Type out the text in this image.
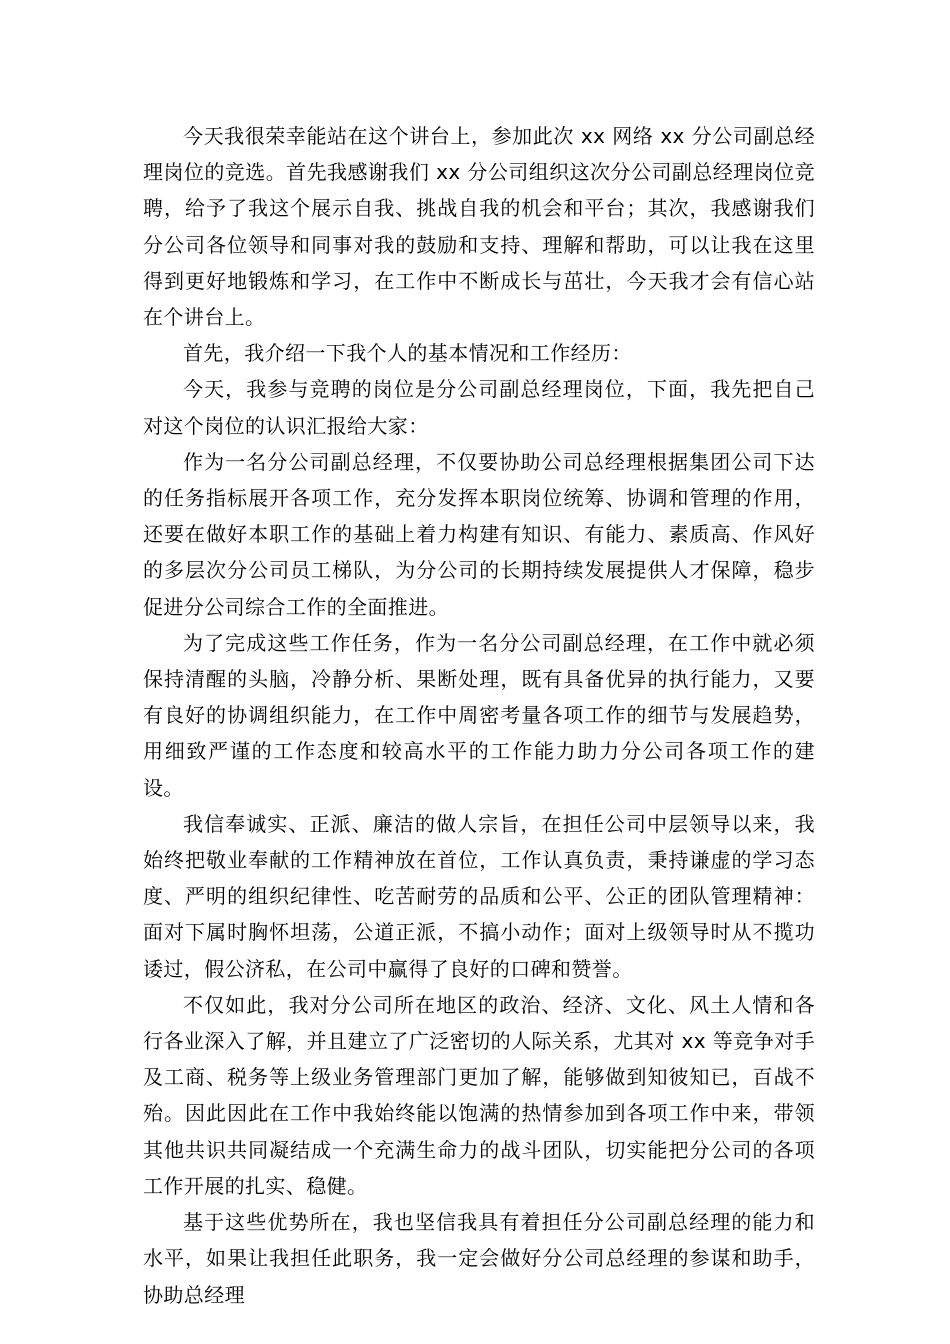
今天我很荣幸能站在这个讲台上，参加此次 xx 网络 xx 分公司副总经理岗位的竞选。首先我感谢我们 xx 分公司组织这次分公司副总经理岗位竞聘，给予了我这个展示自我、挑战自我的机会和平台；其次，我感谢我们分公司各位领导和同事对我的鼓励和支持、理解和帮助，可以让我在这里得到更好地锻炼和学习，在工作中不断成长与茁壮，今天我才会有信心站在个讲台上。

首先，我介绍一下我个人的基本情况和工作经历：

今天，我参与竞聘的岗位是分公司副总经理岗位，下面，我先把自己对这个岗位的认识汇报给大家：

作为一名分公司副总经理，不仅要协助公司总经理根据集团公司下达的任务指标展开各项工作，充分发挥本职岗位统筹、协调和管理的作用，还要在做好本职工作的基础上着力构建有知识、有能力、素质高、作风好的多层次分公司员工梯队，为分公司的长期持续发展提供人才保障，稳步促进分公司综合工作的全面推进。

为了完成这些工作任务，作为一名分公司副总经理，在工作中就必须保持清醒的头脑，冷静分析、果断处理，既有具备优异的执行能力，又要有良好的协调组织能力，在工作中周密考量各项工作的细节与发展趋势，用细致严谨的工作态度和较高水平的工作能力助力分公司各项工作的建设。

我信奉诚实、正派、廉洁的做人宗旨，在担任公司中层领导以来，我始终把敬业奉献的工作精神放在首位，工作认真负责，秉持谦虚的学习态度、严明的组织纪律性、吃苦耐劳的品质和公平、公正的团队管理精神：面对下属时胸怀坦荡，公道正派，不搞小动作；面对上级领导时从不揽功诿过，假公济私，在公司中赢得了良好的口碑和赞誉。

不仅如此，我对分公司所在地区的政治、经济、文化、风土人情和各行各业深入了解，并且建立了广泛密切的人际关系，尤其对 xx 等竞争对手及工商、税务等上级业务管理部门更加了解，能够做到知彼知已，百战不殆。因此因此在工作中我始终能以饱满的热情参加到各项工作中来，带领其他共识共同凝结成一个充满生命力的战斗团队，切实能把分公司的各项工作开展的扎实、稳健。

基于这些优势所在，我也坚信我具有着担任分公司副总经理的能力和水平，如果让我担任此职务，我一定会做好分公司总经理的参谋和助手，协助总经理
